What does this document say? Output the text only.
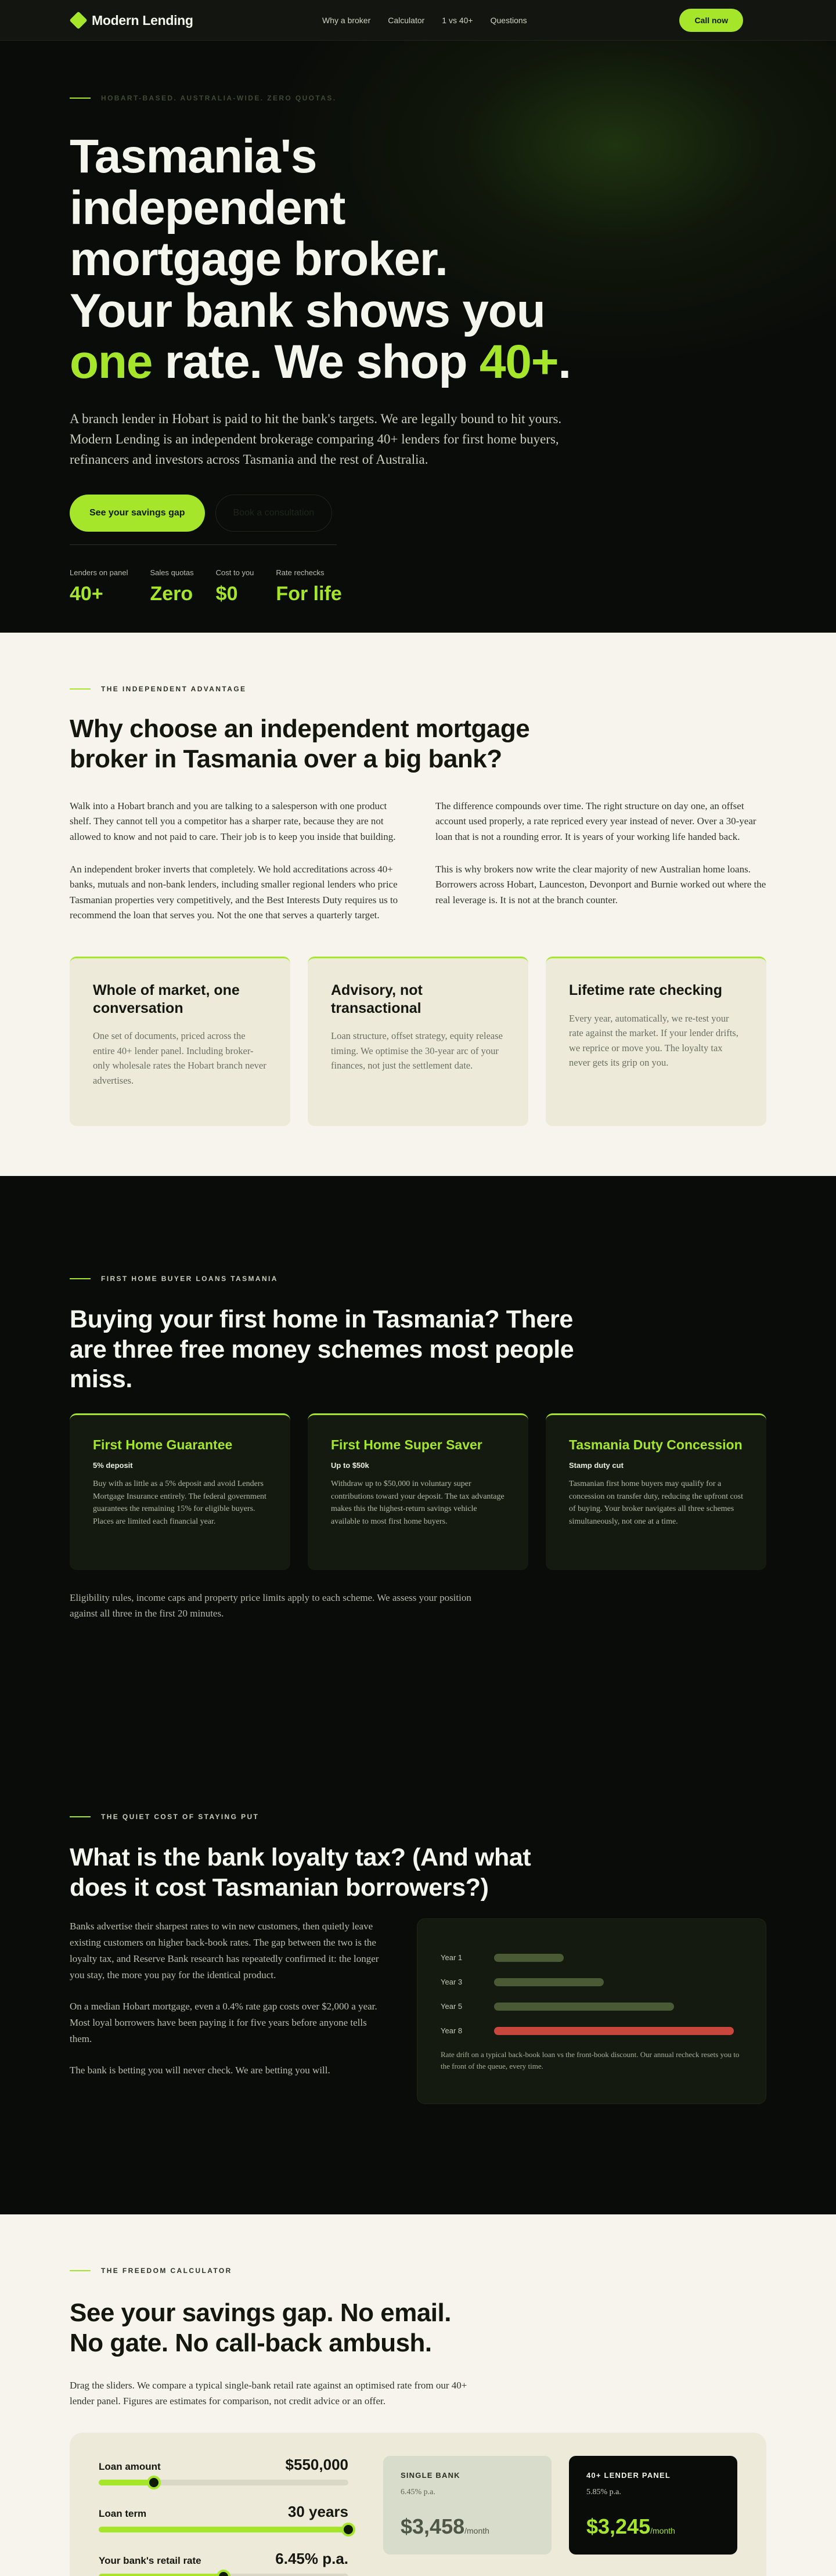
Modern Lending	Why a broker Calculator 1 vs 40+ Questions	Call now
HOBART-BASED. AUSTRALIA-WIDE. ZERO QUOTAS.
Tasmania's independent
mortgage broker.
Your bank shows you
one rate. We shop 40+.

A branch lender in Hobart is paid to hit the bank's targets. We are legally bound to hit yours. Modern Lending is an independent brokerage comparing 40+ lenders for first home buyers, refinancers and investors across Tasmania and the rest of Australia.

See your savings gap	Book a consultation
Lenders on panel
40+
Sales quotas
Zero
Cost to you
$0
Rate rechecks
For life
THE INDEPENDENT ADVANTAGE
Why choose an independent mortgage broker in Tasmania over a big bank?

Walk into a Hobart branch and you are talking to a salesperson with one product shelf. They cannot tell you a competitor has a sharper rate, because they are not allowed to know and not paid to care. Their job is to keep you inside that building.

An independent broker inverts that completely. We hold accreditations across 40+ banks, mutuals and non-bank lenders, including smaller regional lenders who price Tasmanian properties very competitively, and the Best Interests Duty requires us to recommend the loan that serves you. Not the one that serves a quarterly target.

The difference compounds over time. The right structure on day one, an offset account used properly, a rate repriced every year instead of never. Over a 30-year loan that is not a rounding error. It is years of your working life handed back.

This is why brokers now write the clear majority of new Australian home loans. Borrowers across Hobart, Launceston, Devonport and Burnie worked out where the real leverage is. It is not at the branch counter.

Whole of market, one conversation

One set of documents, priced across the entire 40+ lender panel. Including broker-only wholesale rates the Hobart branch never advertises.

Advisory, not transactional

Loan structure, offset strategy, equity release timing. We optimise the 30-year arc of your finances, not just the settlement date.

Lifetime rate checking

Every year, automatically, we re-test your rate against the market. If your lender drifts, we reprice or move you. The loyalty tax never gets its grip on you.

FIRST HOME BUYER LOANS TASMANIA
Buying your first home in Tasmania? There are three free money schemes most people miss.
First Home Guarantee
5% deposit

Buy with as little as a 5% deposit and avoid Lenders Mortgage Insurance entirely. The federal government guarantees the remaining 15% for eligible buyers. Places are limited each financial year.

First Home Super Saver
Up to $50k

Withdraw up to $50,000 in voluntary super contributions toward your deposit. The tax advantage makes this the highest-return savings vehicle available to most first home buyers.

Tasmania Duty Concession
Stamp duty cut

Tasmanian first home buyers may qualify for a concession on transfer duty, reducing the upfront cost of buying. Your broker navigates all three schemes simultaneously, not one at a time.

Eligibility rules, income caps and property price limits apply to each scheme. We assess your position against all three in the first 20 minutes.

THE QUIET COST OF STAYING PUT
What is the bank loyalty tax? (And what does it cost Tasmanian borrowers?)

Banks advertise their sharpest rates to win new customers, then quietly leave existing customers on higher back-book rates. The gap between the two is the loyalty tax, and Reserve Bank research has repeatedly confirmed it: the longer you stay, the more you pay for the identical product.

On a median Hobart mortgage, even a 0.4% rate gap costs over $2,000 a year. Most loyal borrowers have been paying it for five years before anyone tells them.

The bank is betting you will never check. We are betting you will.

Year 1
Year 3
Year 5
Year 8

Rate drift on a typical back-book loan vs the front-book discount. Our annual recheck resets you to the front of the queue, every time.

THE FREEDOM CALCULATOR
See your savings gap. No email.
No gate. No call-back ambush.

Drag the sliders. We compare a typical single-bank retail rate against an optimised rate from our 40+ lender panel. Figures are estimates for comparison, not credit advice or an offer.

Loan amount	$550,000
Loan term	30 years
Your bank's retail rate	6.45% p.a.
SINGLE BANK
6.45% p.a.
$3,458/month
40+ LENDER PANEL
5.85% p.a.
$3,245/month
